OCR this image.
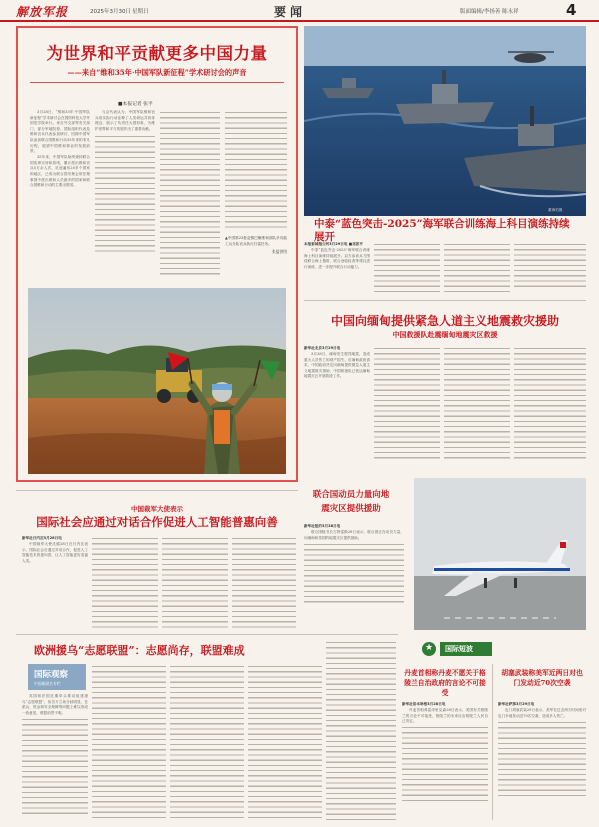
解放军报	2025年3月30日 星期日	要闻	版面编辑/李扬善 陈永祥	4
为世界和平贡献更多中国力量
——来自“维和35年·中国军队新征程”学术研讨会的声音
■本报记者 张平

3月28日，“维和35年·中国军队新征程”学术研讨会在国防科技大学外国语学院举行。来自外交部等有关部门、部分军地院校、国际组织代表及维和官兵代表参加研讨，回顾中国军队参加联合国维和行动35年来的非凡历程，展望中国维和事业的发展前景。

35年来，中国军队始终秉持联合国宪章宗旨和原则，累计派出维和官兵5万余人次，足迹遍布20多个国家和地区，已成为联合国安理会常任理事国中派出维和人员最多的国家和联合国维和行动的主要出资国。

与会代表认为，中国军队维和官兵用实际行动诠释了人类命运共同体理念，展示了负责任大国形象，为维护世界和平与发展作出了重要贡献。

▲中国第23批赴黎巴嫩维和部队多功能工兵分队官兵执行扫雷任务。
张猛供图
董海豹摄
中泰“蓝色突击-2025”海军联合训练海上科目演练持续展开

本报泰国湄公河3月29日电 ■邓思平

中泰“蓝色突击-2025”海军联合训练海上科目演练持续展开。双方参训兵力围绕联合海上搜救、联合登临检查等课目进行演练，进一步提升联合行动能力。

中国向缅甸提供紧急人道主义地震救灾援助
中国救援队赴震缅甸地震灾区救援

新华社北京3月29日电

3月28日，缅甸发生强烈地震，造成重大人员伤亡和财产损失。应缅甸政府请求，中国政府决定向缅甸提供紧急人道主义地震救灾援助，中国救援队已抵达缅甸地震灾区开展救援工作。

联合国动员力量向地震灾区提供援助

新华社纽约3月28日电

联合国秘书长古特雷斯28日表示，联合国正在动员力量，向缅甸和泰国的地震灾区提供援助。

中国裁军大使表示
国际社会应通过对话合作促进人工智能普惠向善

新华社日内瓦3月28日电

中国裁军大使沈健28日在日内瓦表示，国际社会应通过对话合作，促进人工智能技术普惠向善，让人工智能更好造福人类。

欧洲援乌“志愿联盟”：志愿尚存，联盟难成
国际观察
中国新闻名专栏

英国和法国近期牵头推动组建援乌“志愿联盟”，但各方立场分歧明显，在派兵、资金和安全保障等问题上难以形成一致意见，联盟前景不明。

★ 国际短波
丹麦首相称丹麦不愿关于格陵兰自治政府的言论不可接受

新华社哥本哈根3月28日电

丹麦首相弗雷泽里克森28日表示，美国有关格陵兰的言论不可接受，格陵兰的未来应由格陵兰人民自己决定。

胡塞武装称美军近两日对也门发动近70次空袭

新华社萨那3月29日电

也门胡塞武装29日表示，美军在过去两天时间里对也门多地发动近70次空袭，造成多人伤亡。
